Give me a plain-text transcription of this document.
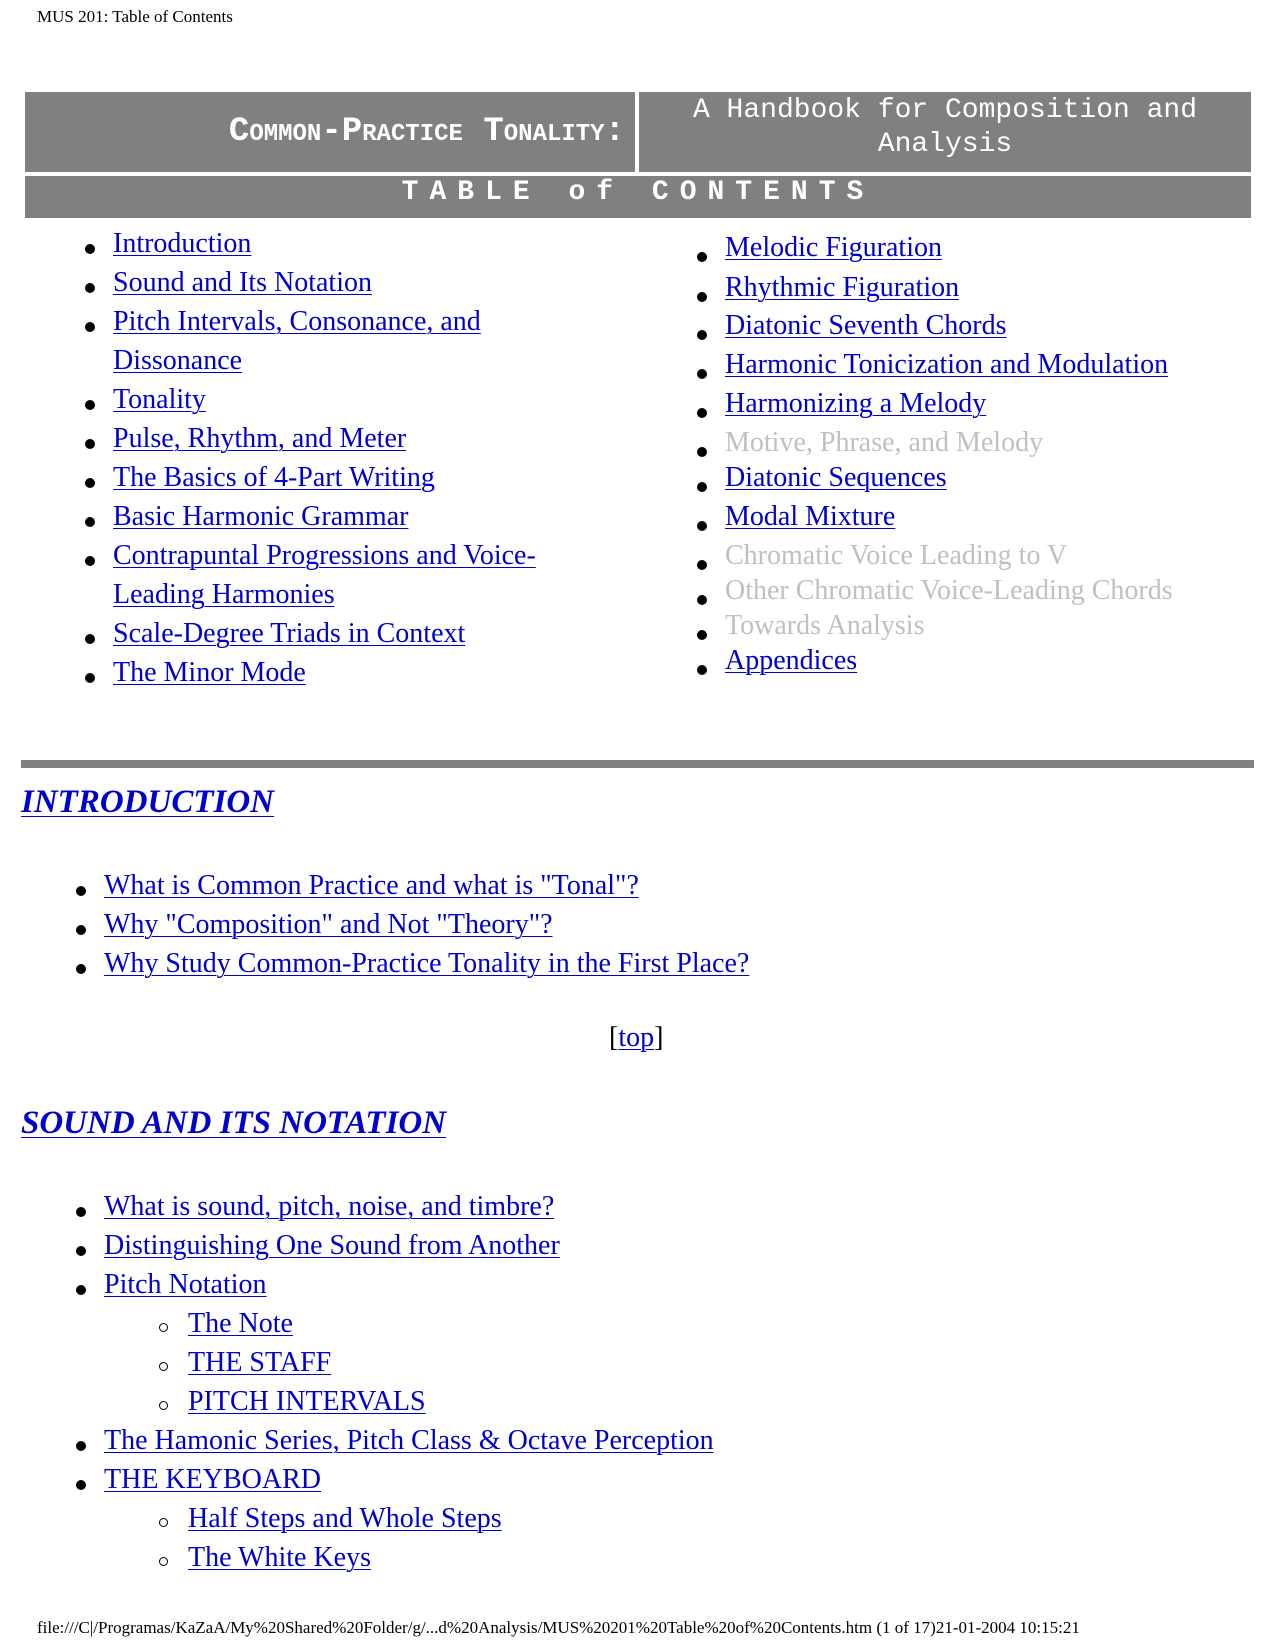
MUS 201: Table of Contents
Common-Practice Tonality:
A Handbook for Composition and Analysis
TABLE of CONTENTS
Introduction
Sound and Its Notation
Pitch Intervals, Consonance, and Dissonance
Tonality
Pulse, Rhythm, and Meter
The Basics of 4-Part Writing
Basic Harmonic Grammar
Contrapuntal Progressions and Voice-Leading Harmonies
Scale-Degree Triads in Context
The Minor Mode
Melodic Figuration
Rhythmic Figuration
Diatonic Seventh Chords
Harmonic Tonicization and Modulation
Harmonizing a Melody
Motive, Phrase, and Melody
Diatonic Sequences
Modal Mixture
Chromatic Voice Leading to V
Other Chromatic Voice-Leading Chords
Towards Analysis
Appendices
INTRODUCTION
What is Common Practice and what is "Tonal"?
Why "Composition" and Not "Theory"?
Why Study Common-Practice Tonality in the First Place?
[top]
SOUND AND ITS NOTATION
What is sound, pitch, noise, and timbre?
Distinguishing One Sound from Another
Pitch Notation
The Note
THE STAFF
PITCH INTERVALS
The Hamonic Series, Pitch Class & Octave Perception
THE KEYBOARD
Half Steps and Whole Steps
The White Keys
file:///C|/Programas/KaZaA/My%20Shared%20Folder/g/...d%20Analysis/MUS%20201%20Table%20of%20Contents.htm (1 of 17)21-01-2004 10:15:21
